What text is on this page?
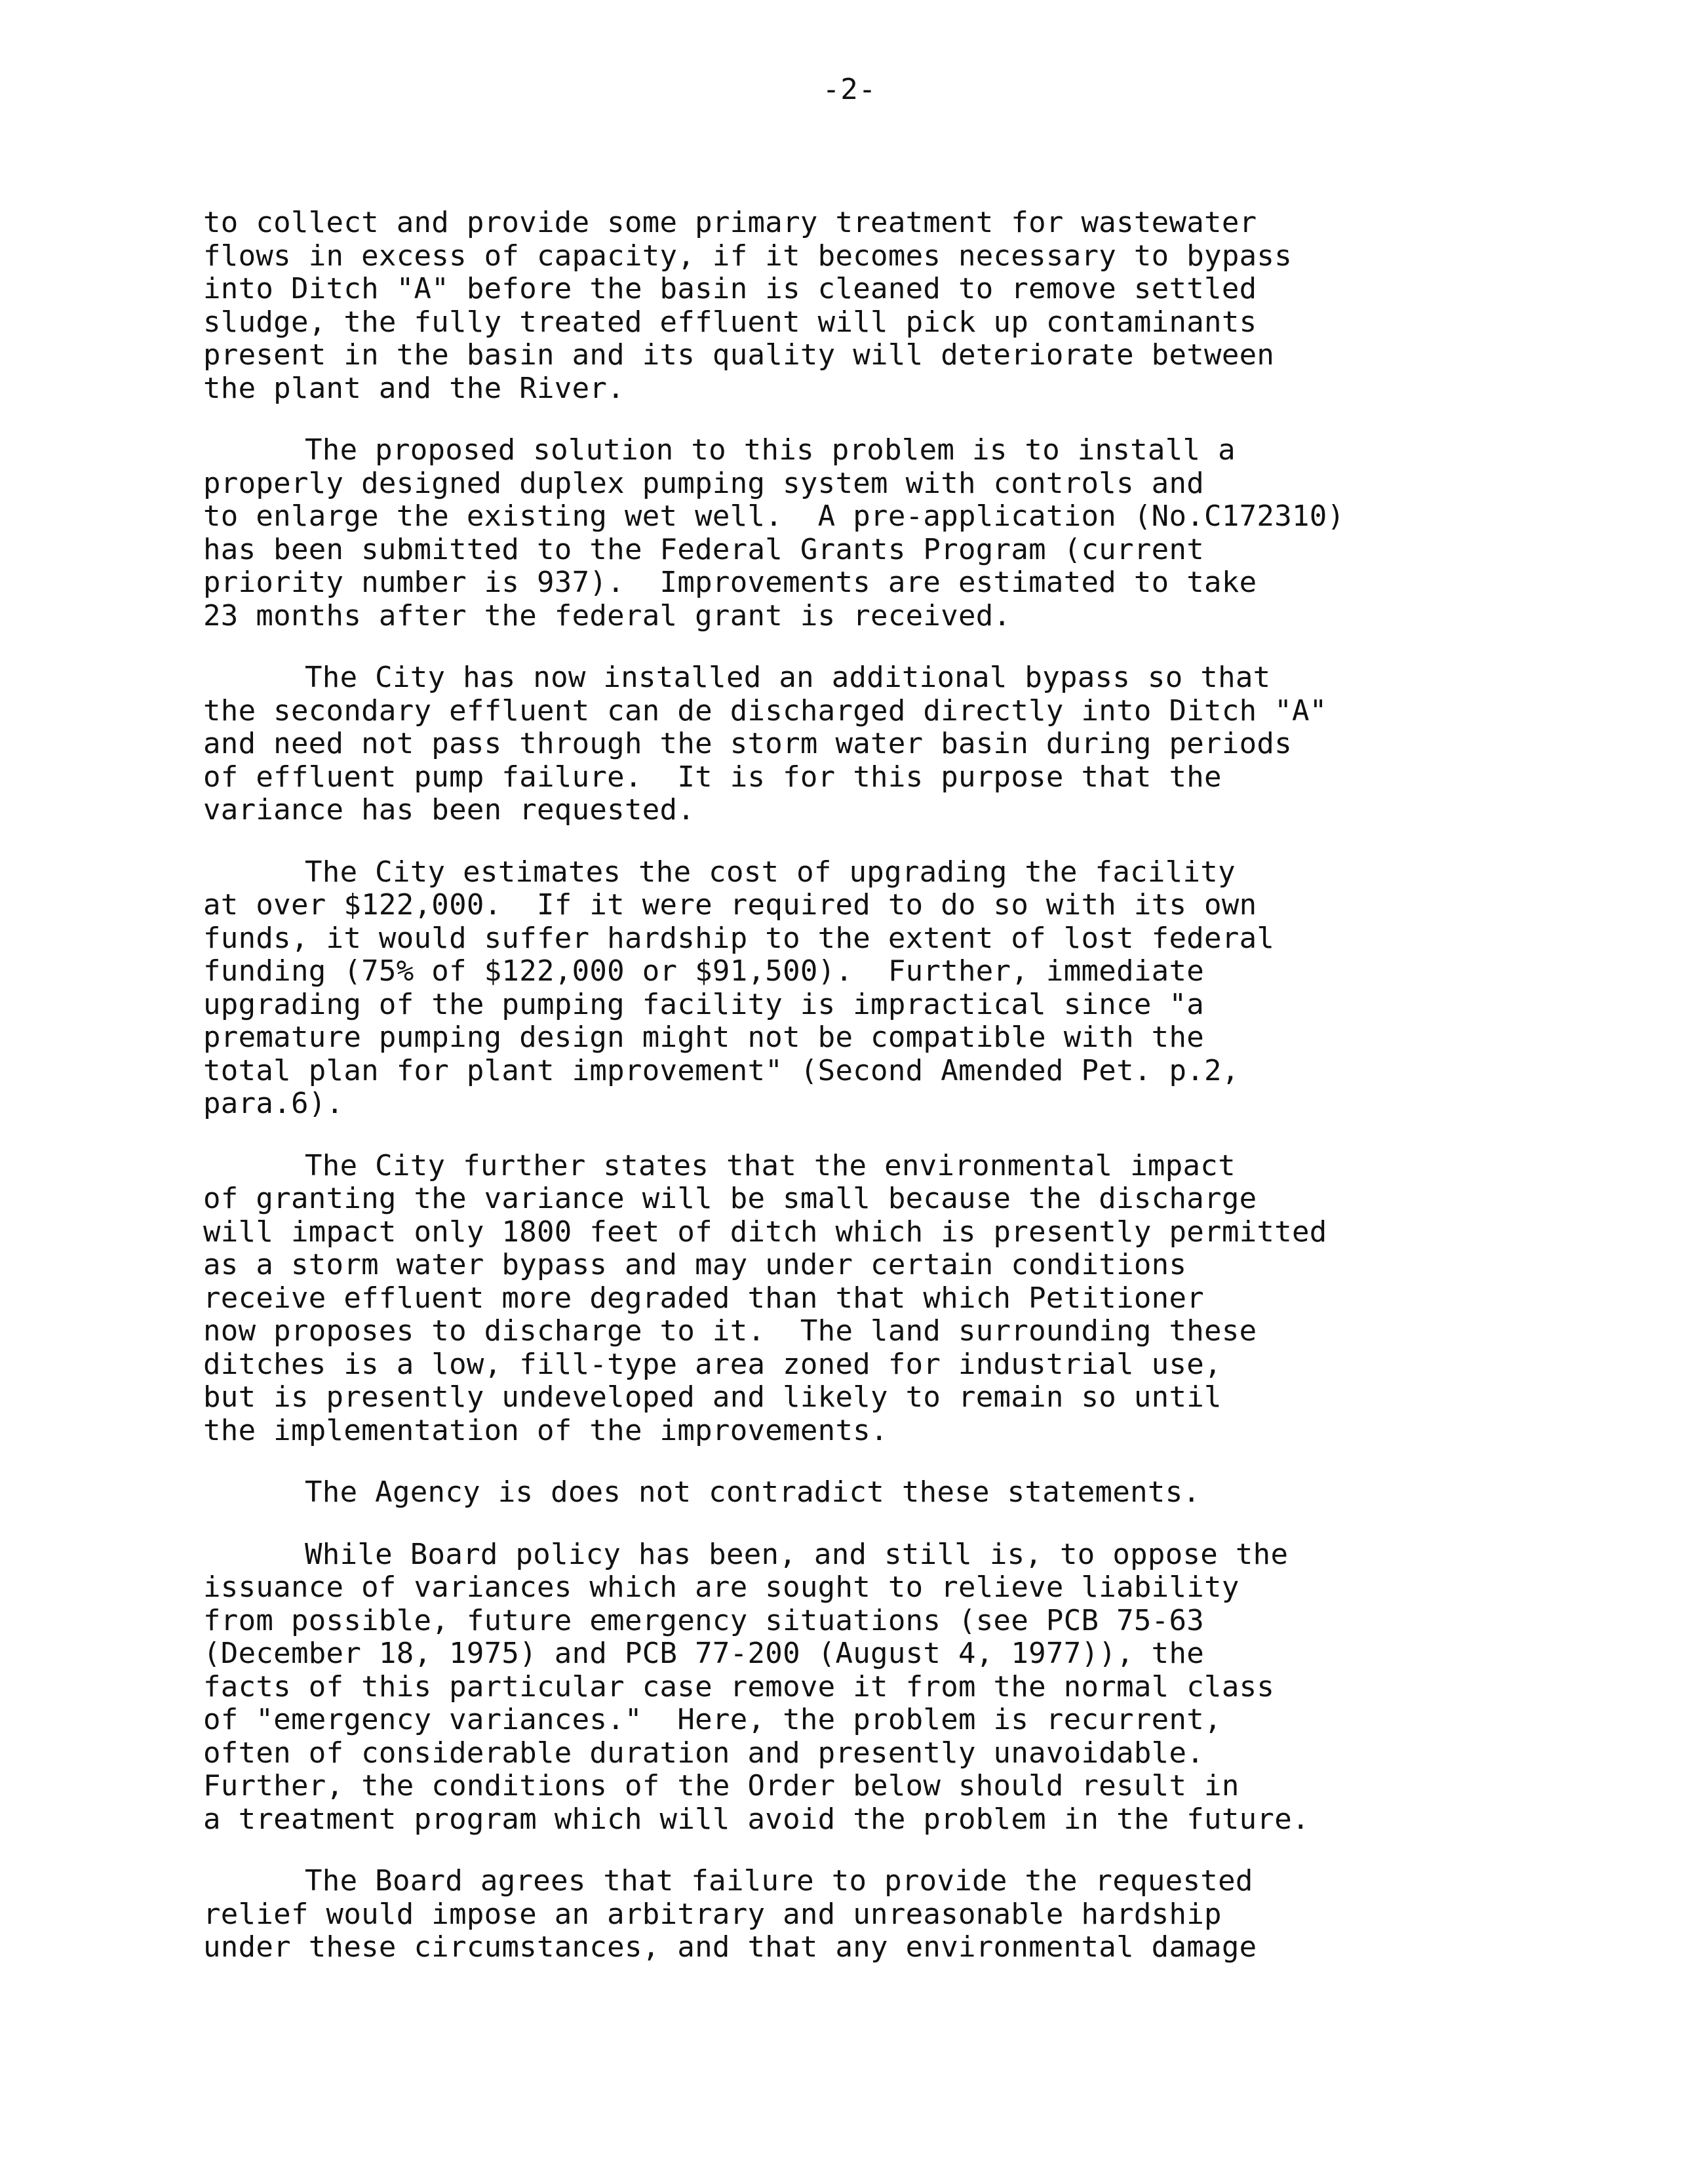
-2-
to collect and provide some primary treatment for wastewater
flows in excess of capacity, if it becomes necessary to bypass
into Ditch "A" before the basin is cleaned to remove settled
sludge, the fully treated effluent will pick up contaminants
present in the basin and its quality will deteriorate between
the plant and the River.
The proposed solution to this problem is to install a
properly designed duplex pumping system with controls and
to enlarge the existing wet well.  A pre-application (No.C172310)
has been submitted to the Federal Grants Program (current
priority number is 937).  Improvements are estimated to take
23 months after the federal grant is received.
The City has now installed an additional bypass so that
the secondary effluent can de discharged directly into Ditch "A"
and need not pass through the storm water basin during periods
of effluent pump failure.  It is for this purpose that the
variance has been requested.
The City estimates the cost of upgrading the facility
at over $122,000.  If it were required to do so with its own
funds, it would suffer hardship to the extent of lost federal
funding (75% of $122,000 or $91,500).  Further, immediate
upgrading of the pumping facility is impractical since "a
premature pumping design might not be compatible with the
total plan for plant improvement" (Second Amended Pet. p.2,
para.6).
The City further states that the environmental impact
of granting the variance will be small because the discharge
will impact only 1800 feet of ditch which is presently permitted
as a storm water bypass and may under certain conditions
receive effluent more degraded than that which Petitioner
now proposes to discharge to it.  The land surrounding these
ditches is a low, fill-type area zoned for industrial use,
but is presently undeveloped and likely to remain so until
the implementation of the improvements.
The Agency is does not contradict these statements.
While Board policy has been, and still is, to oppose the
issuance of variances which are sought to relieve liability
from possible, future emergency situations (see PCB 75-63
(December 18, 1975) and PCB 77-200 (August 4, 1977)), the
facts of this particular case remove it from the normal class
of "emergency variances."  Here, the problem is recurrent,
often of considerable duration and presently unavoidable.
Further, the conditions of the Order below should result in
a treatment program which will avoid the problem in the future.
The Board agrees that failure to provide the requested
relief would impose an arbitrary and unreasonable hardship
under these circumstances, and that any environmental damage
